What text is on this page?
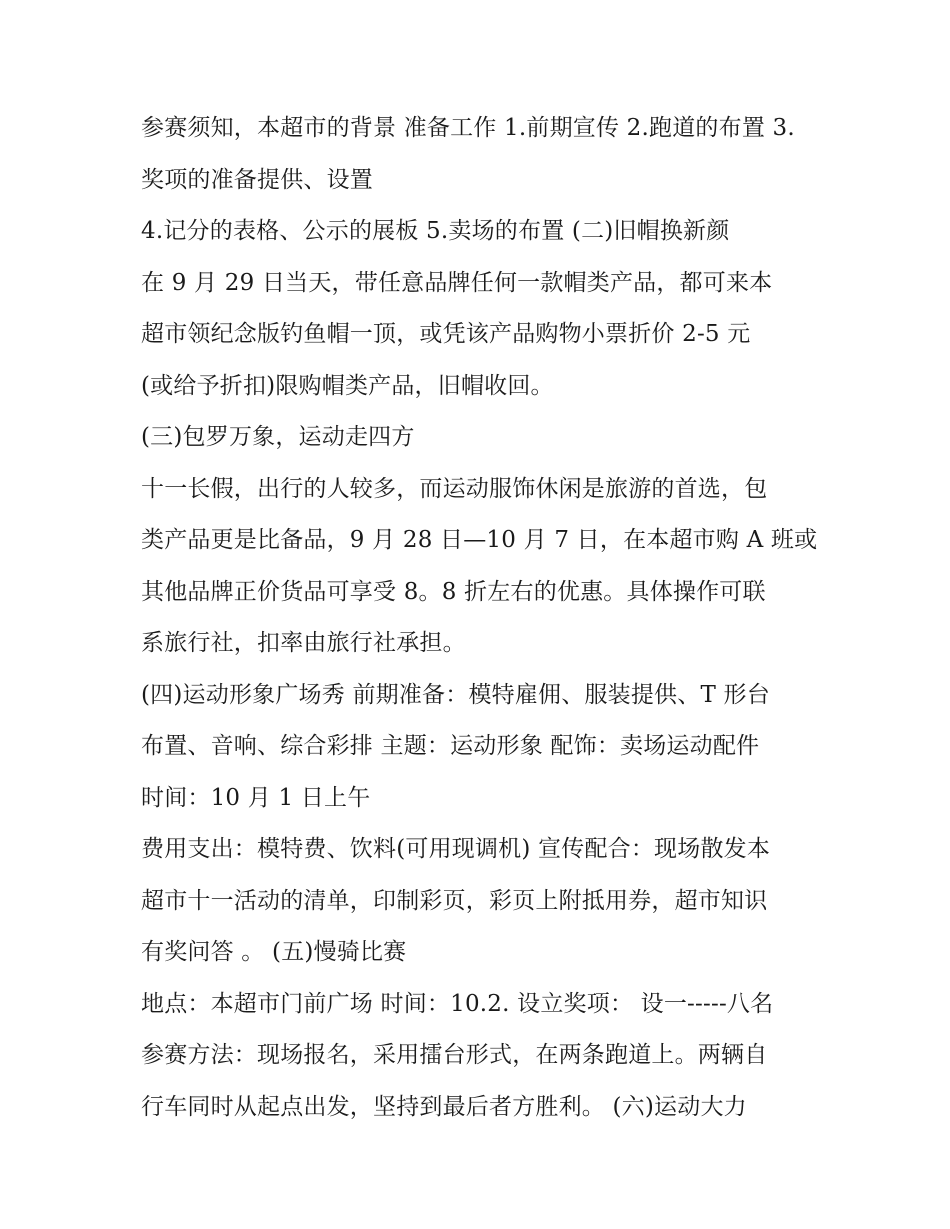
参赛须知，本超市的背景 准备工作 1.前期宣传 2.跑道的布置 3.
奖项的准备提供、设置
4.记分的表格、公示的展板 5.卖场的布置 (二)旧帽换新颜
在 9 月 29 日当天，带任意品牌任何一款帽类产品，都可来本
超市领纪念版钓鱼帽一顶，或凭该产品购物小票折价 2-5 元
(或给予折扣)限购帽类产品，旧帽收回。
(三)包罗万象，运动走四方
十一长假，出行的人较多，而运动服饰休闲是旅游的首选，包
类产品更是比备品，9 月 28 日—10 月 7 日，在本超市购 A 班或
其他品牌正价货品可享受 8。8 折左右的优惠。具体操作可联
系旅行社，扣率由旅行社承担。
(四)运动形象广场秀 前期准备：模特雇佣、服装提供、T 形台
布置、音响、综合彩排 主题：运动形象 配饰：卖场运动配件
时间：10 月 1 日上午
费用支出：模特费、饮料(可用现调机) 宣传配合：现场散发本
超市十一活动的清单，印制彩页，彩页上附抵用券，超市知识
有奖问答 。 (五)慢骑比赛
地点：本超市门前广场 时间：10.2. 设立奖项： 设一-----八名
参赛方法：现场报名，采用擂台形式，在两条跑道上。两辆自
行车同时从起点出发，坚持到最后者方胜利。 (六)运动大力
